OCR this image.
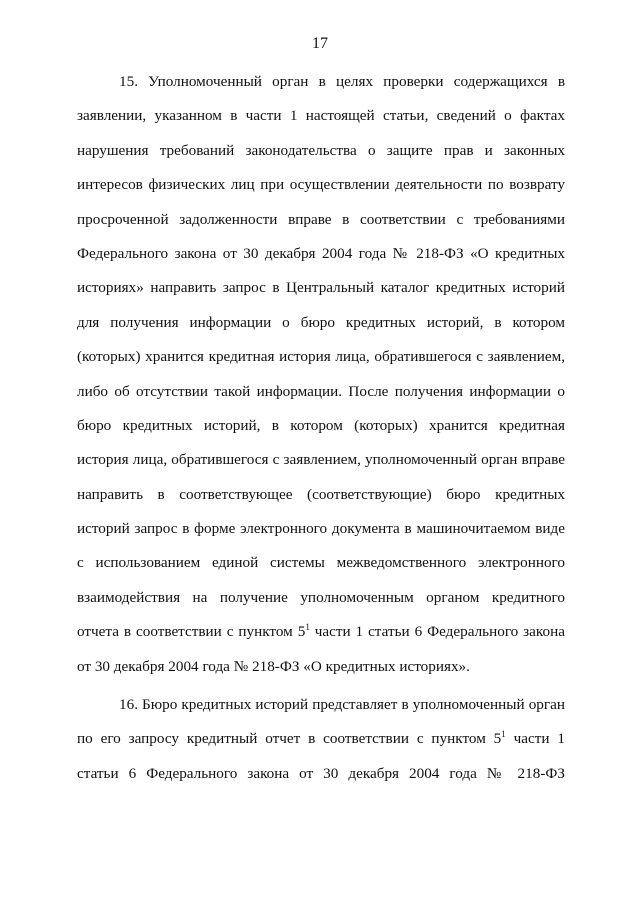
17
15. Уполномоченный орган в целях проверки содержащихся в
заявлении, указанном в части 1 настоящей статьи, сведений о фактах
нарушения требований законодательства о защите прав и законных
интересов физических лиц при осуществлении деятельности по возврату
просроченной задолженности вправе в соответствии с требованиями
Федерального закона от 30 декабря 2004 года № 218-ФЗ «О кредитных
историях» направить запрос в Центральный каталог кредитных историй
для получения информации о бюро кредитных историй, в котором
(которых) хранится кредитная история лица, обратившегося с заявлением,
либо об отсутствии такой информации. После получения информации о
бюро кредитных историй, в котором (которых) хранится кредитная
история лица, обратившегося с заявлением, уполномоченный орган вправе
направить в соответствующее (соответствующие) бюро кредитных
историй запрос в форме электронного документа в машиночитаемом виде
с использованием единой системы межведомственного электронного
взаимодействия на получение уполномоченным органом кредитного
отчета в соответствии с пунктом $5^1$ части 1 статьи 6 Федерального закона
от 30 декабря 2004 года № 218-ФЗ «О кредитных историях».
16. Бюро кредитных историй представляет в уполномоченный орган
по его запросу кредитный отчет в соответствии с пунктом $5^1$ части 1
статьи 6 Федерального закона от 30 декабря 2004 года № 218-ФЗ
